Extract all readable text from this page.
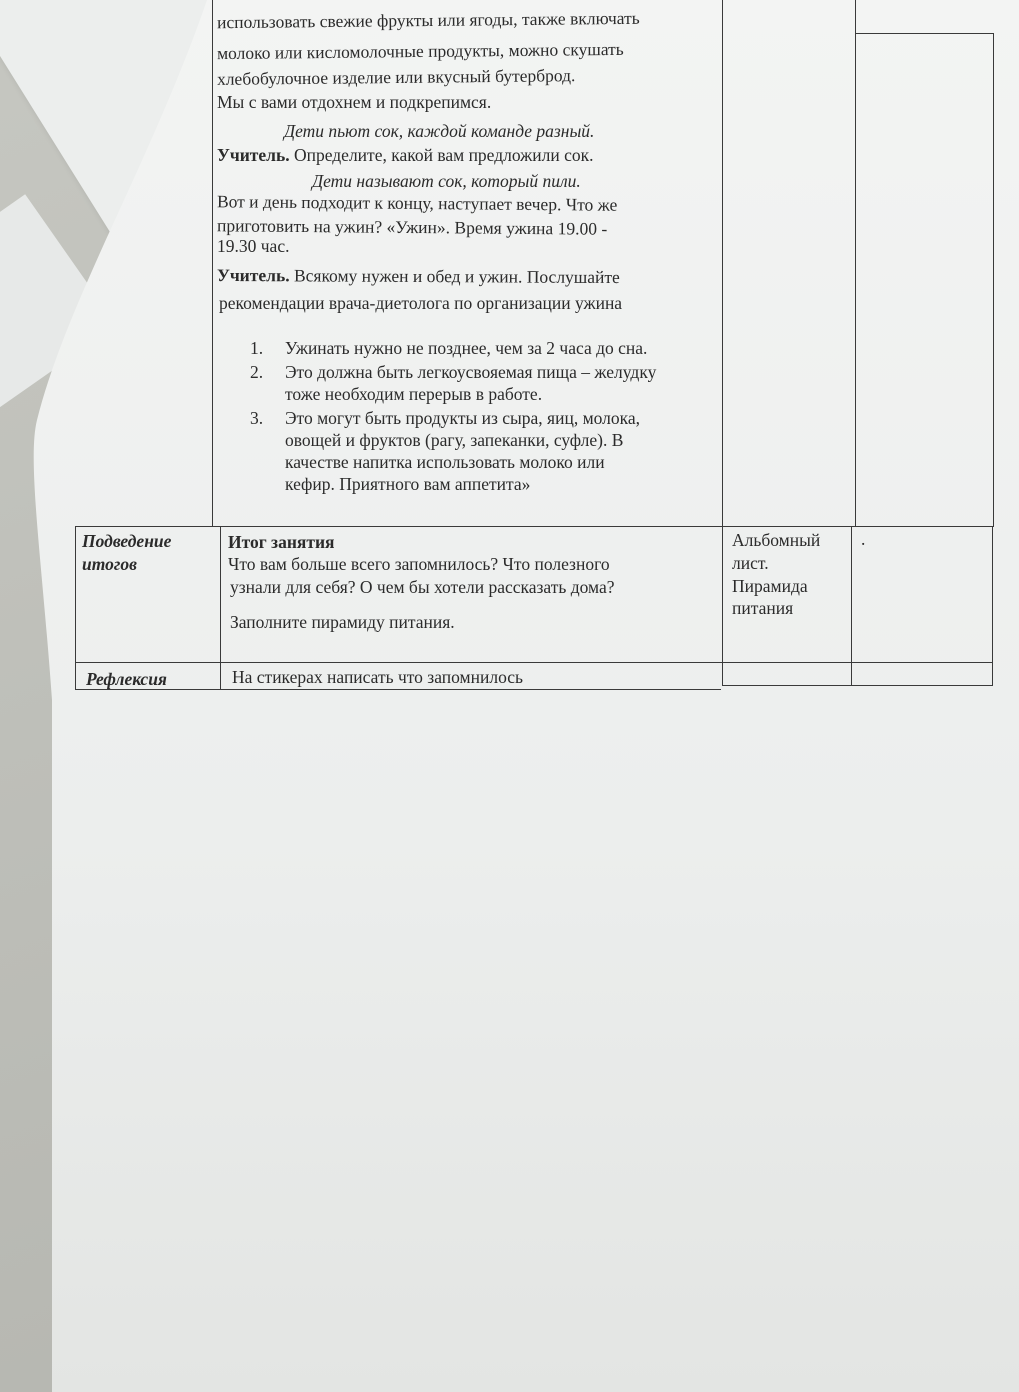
использовать свежие фрукты или ягоды, также включать

молоко или кисломолочные продукты, можно скушать

хлебобулочное изделие или вкусный бутерброд.

Мы с вами отдохнем и подкрепимся.

Дети пьют сок, каждой команде разный.

Учитель. Определите, какой вам предложили сок.

Дети называют сок, который пили.

Вот и день подходит к концу, наступает вечер. Что же

приготовить на ужин? «Ужин». Время ужина 19.00 -

19.30 час.

Учитель. Всякому нужен и обед и ужин. Послушайте

рекомендации врача-диетолога по организации ужина

1. Ужинать нужно не позднее, чем за 2 часа до сна.
2. Это должна быть легкоусвояемая пища – желудку
тоже необходим перерыв в работе.
3. Это могут быть продукты из сыра, яиц, молока,
овощей и фруктов (рагу, запеканки, суфле). В
качестве напитка использовать молоко или
кефир. Приятного вам аппетита»

Подведение

итогов

Итог занятия

Что вам больше всего запомнилось? Что полезного

узнали для себя? О чем бы хотели рассказать дома?

Заполните пирамиду питания.

Альбомный

лист.

Пирамида

питания

.

Рефлексия	На стикерах написать что запомнилось
